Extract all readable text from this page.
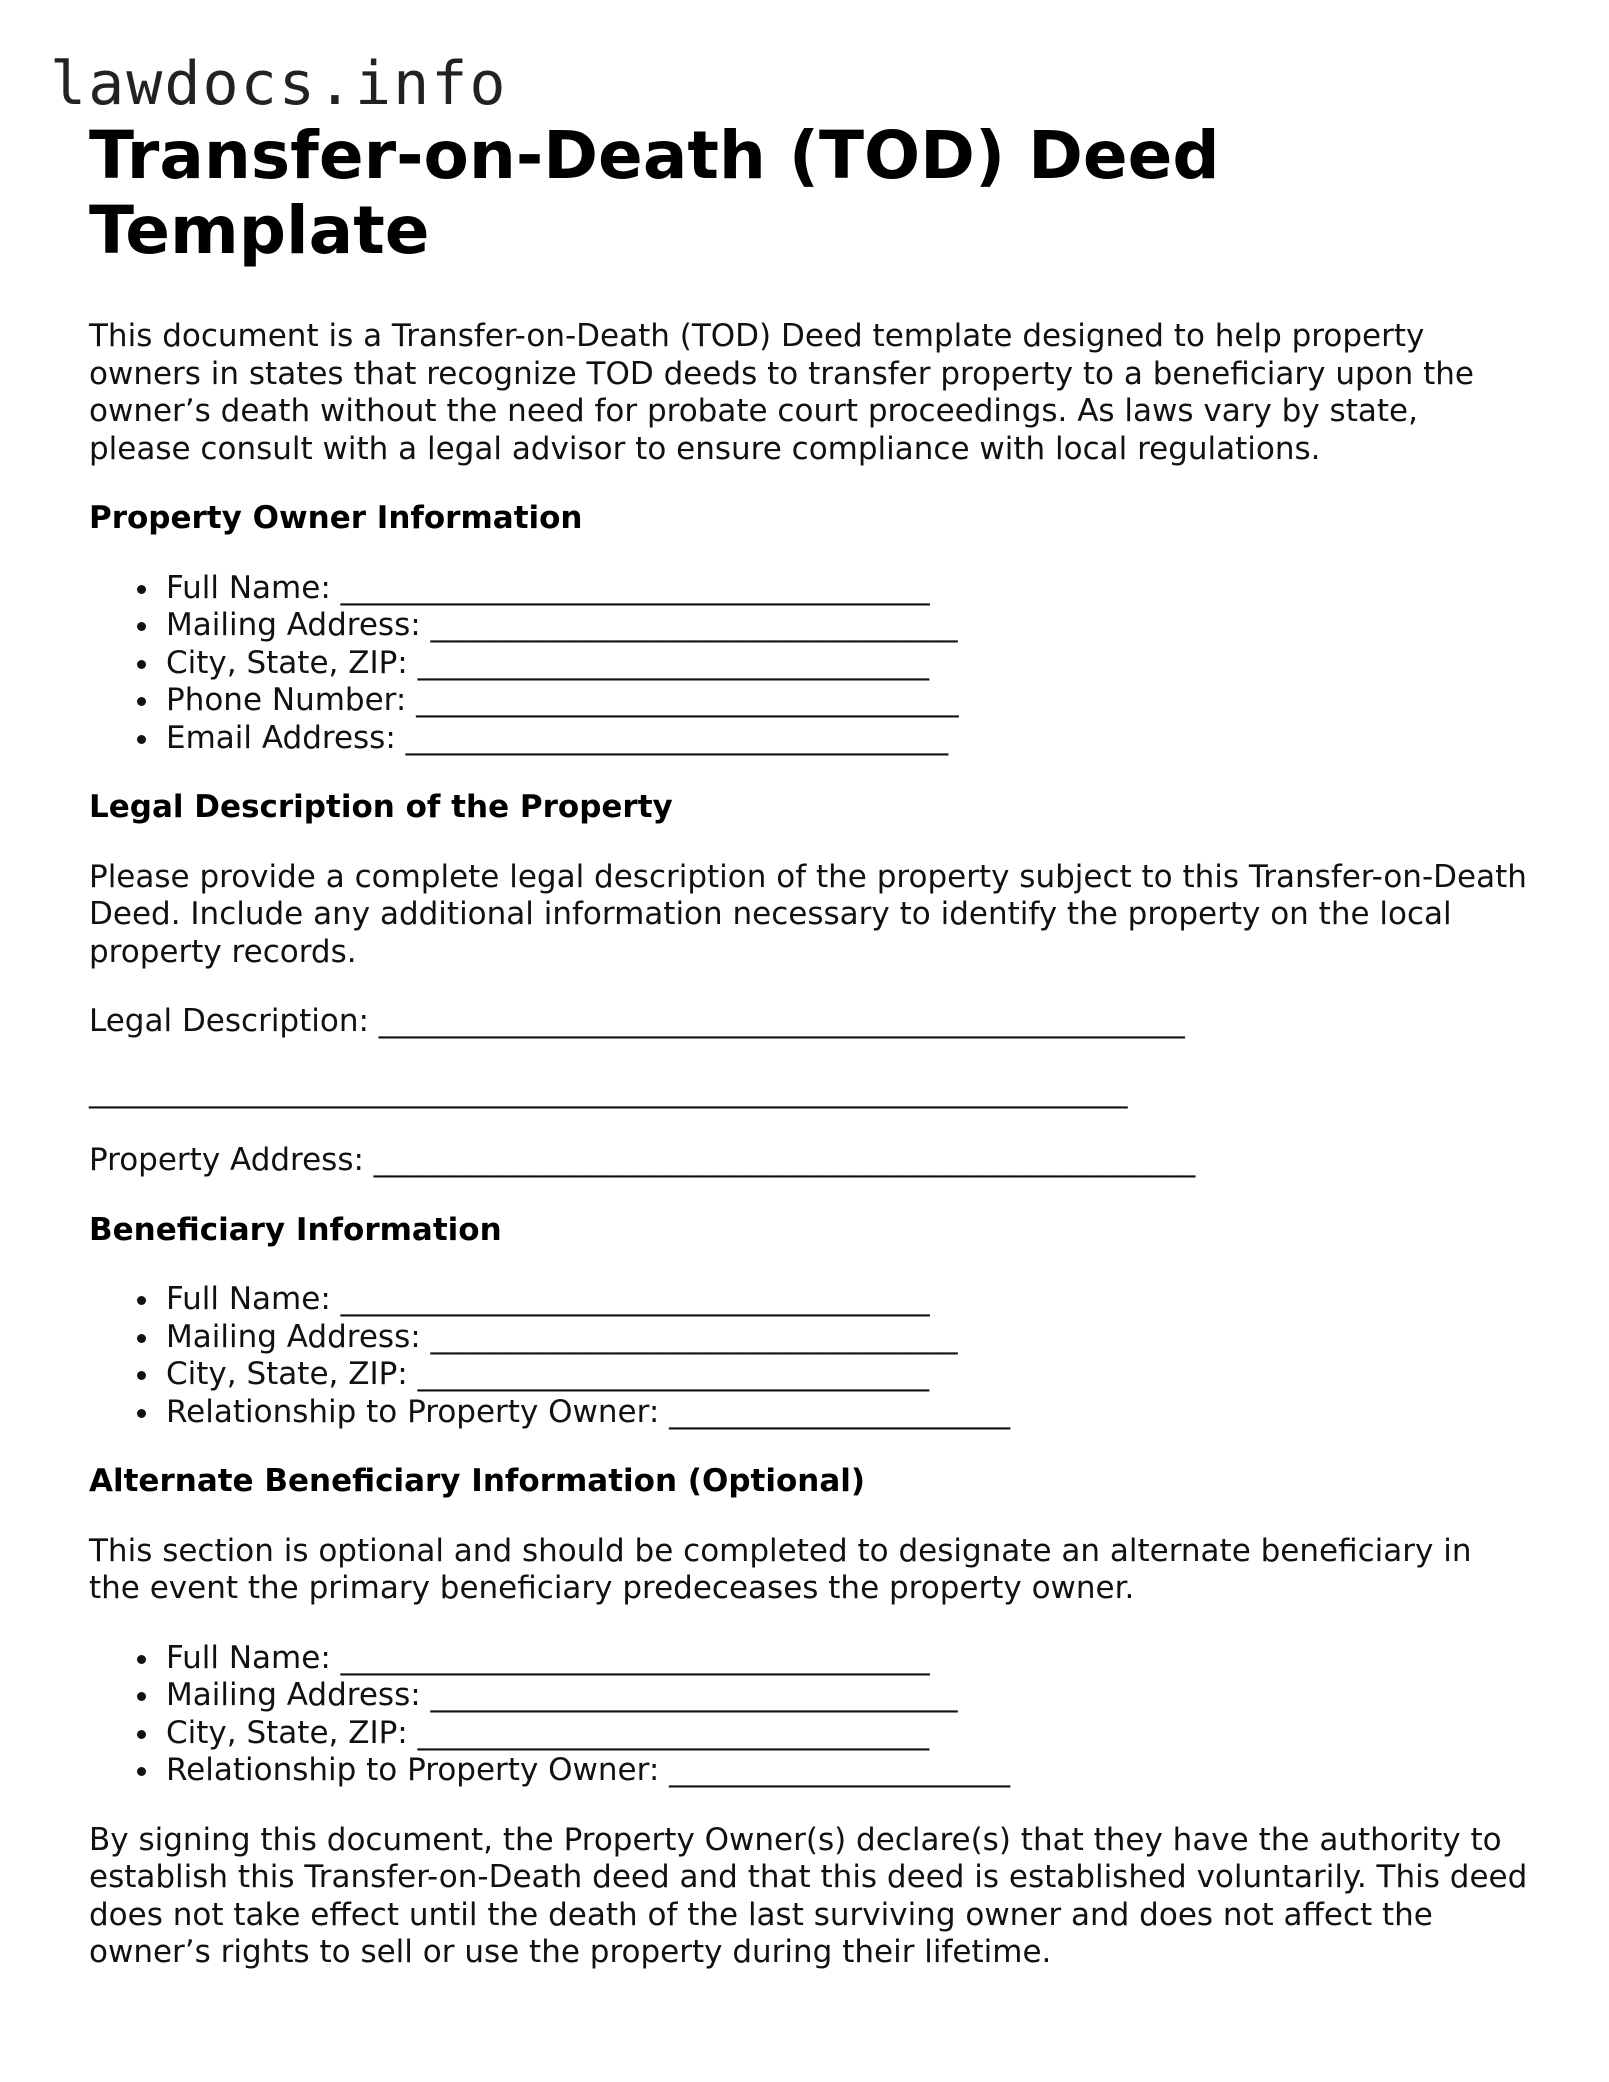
lawdocs.info
Transfer-on-Death (TOD) Deed Template

This document is a Transfer-on-Death (TOD) Deed template designed to help property owners in states that recognize TOD deeds to transfer property to a beneficiary upon the owner’s death without the need for probate court proceedings. As laws vary by state, please consult with a legal advisor to ensure compliance with local regulations.

Property Owner Information
Full Name: ______________________________________
Mailing Address: __________________________________
City, State, ZIP: _________________________________
Phone Number: ___________________________________
Email Address: ___________________________________
Legal Description of the Property

Please provide a complete legal description of the property subject to this Transfer-on-Death Deed. Include any additional information necessary to identify the property on the local property records.

Legal Description: ____________________________________________________

___________________________________________________________________

Property Address: _____________________________________________________

Beneficiary Information
Full Name: ______________________________________
Mailing Address: __________________________________
City, State, ZIP: _________________________________
Relationship to Property Owner: ______________________
Alternate Beneficiary Information (Optional)

This section is optional and should be completed to designate an alternate beneficiary in the event the primary beneficiary predeceases the property owner.

Full Name: ______________________________________
Mailing Address: __________________________________
City, State, ZIP: _________________________________
Relationship to Property Owner: ______________________

By signing this document, the Property Owner(s) declare(s) that they have the authority to establish this Transfer-on-Death deed and that this deed is established voluntarily. This deed does not take effect until the death of the last surviving owner and does not affect the owner’s rights to sell or use the property during their lifetime.
